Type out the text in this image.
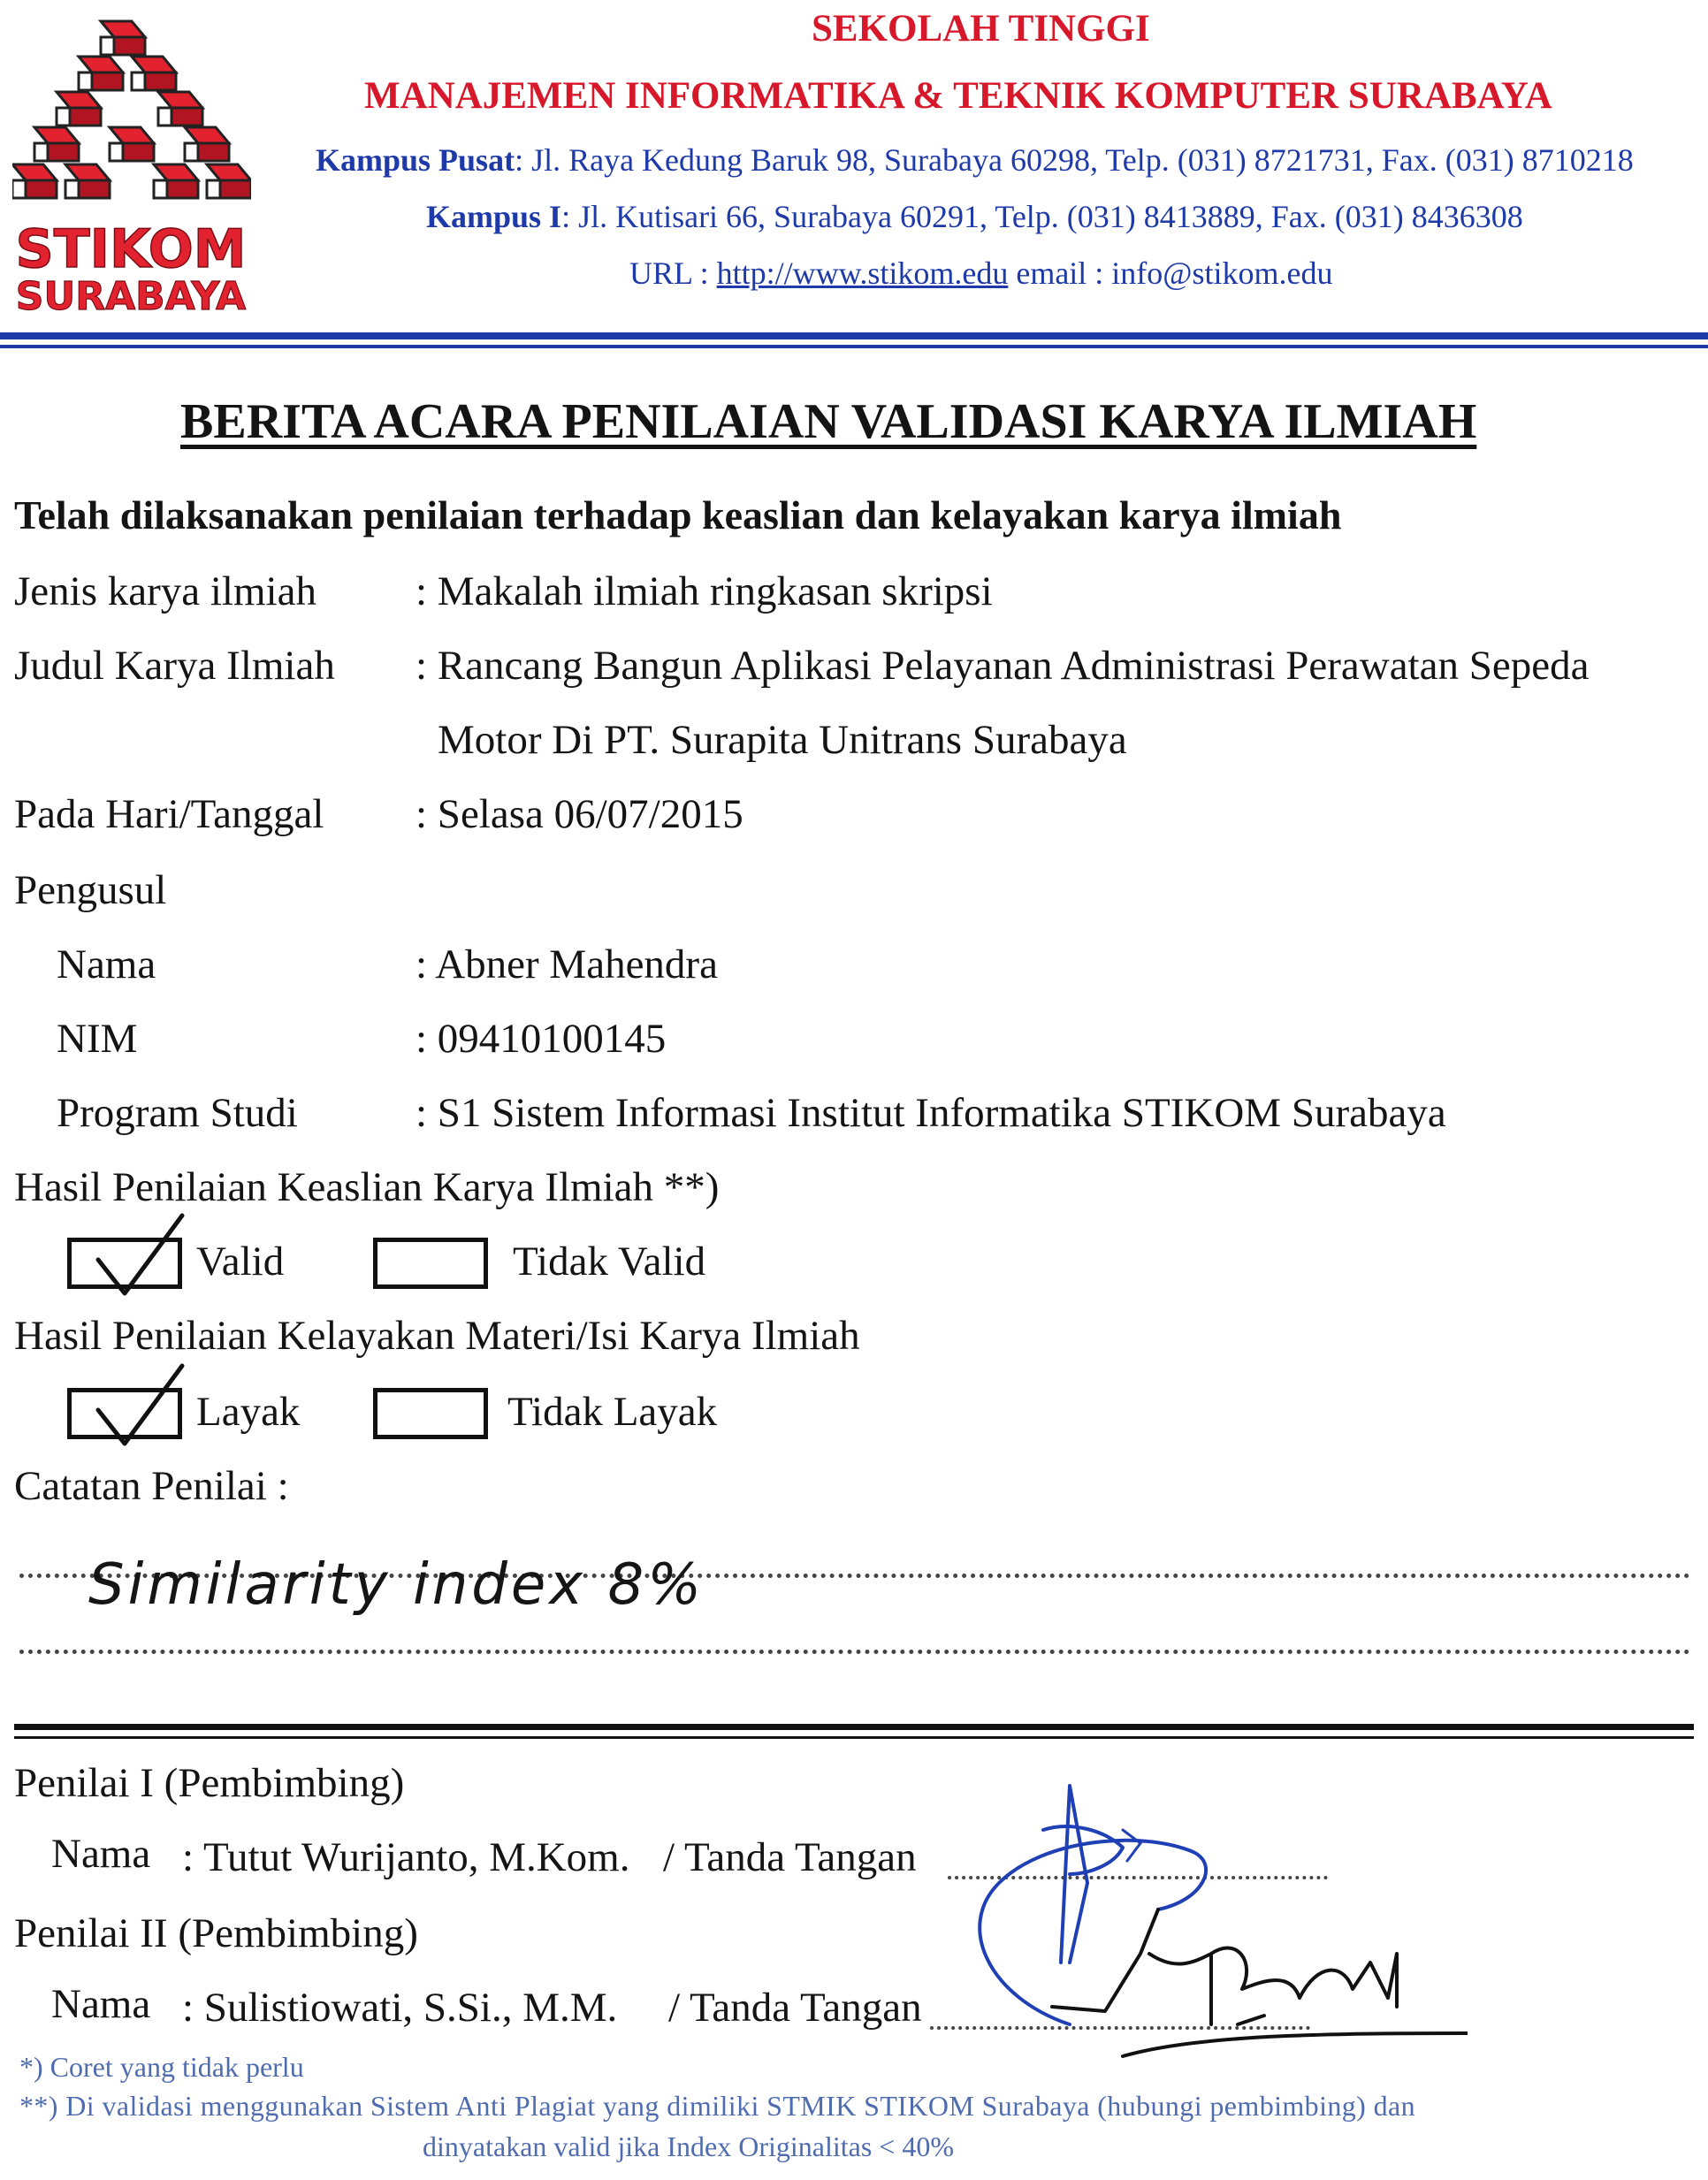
STIKOM
SURABAYA
SEKOLAH TINGGI
MANAJEMEN INFORMATIKA & TEKNIK KOMPUTER SURABAYA
Kampus Pusat: Jl. Raya Kedung Baruk 98, Surabaya 60298, Telp. (031) 8721731, Fax. (031) 8710218
Kampus I: Jl. Kutisari 66, Surabaya 60291, Telp. (031) 8413889, Fax. (031) 8436308
URL : http://www.stikom.edu email : info@stikom.edu
BERITA ACARA PENILAIAN VALIDASI KARYA ILMIAH
Telah dilaksanakan penilaian terhadap keaslian dan kelayakan karya ilmiah
Jenis karya ilmiah : Makalah ilmiah ringkasan skripsi
Judul Karya Ilmiah : Rancang Bangun Aplikasi Pelayanan Administrasi Perawatan Sepeda
Motor Di PT. Surapita Unitrans Surabaya
Pada Hari/Tanggal : Selasa 06/07/2015
Pengusul
Nama	: Abner Mahendra
NIM	: 09410100145
Program Studi	: S1 Sistem Informasi Institut Informatika STIKOM Surabaya
Hasil Penilaian Keaslian Karya Ilmiah **)
Valid	Tidak Valid
Hasil Penilaian Kelayakan Materi/Isi Karya Ilmiah
Layak	Tidak Layak
Catatan Penilai :
Similarity index 8%
Penilai I (Pembimbing)
Nama : Tutut Wurijanto, M.Kom. / Tanda Tangan
Penilai II (Pembimbing)
Nama : Sulistiowati, S.Si., M.M. / Tanda Tangan
*) Coret yang tidak perlu
**) Di validasi menggunakan Sistem Anti Plagiat yang dimiliki STMIK STIKOM Surabaya (hubungi pembimbing) dan
dinyatakan valid jika Index Originalitas < 40%
